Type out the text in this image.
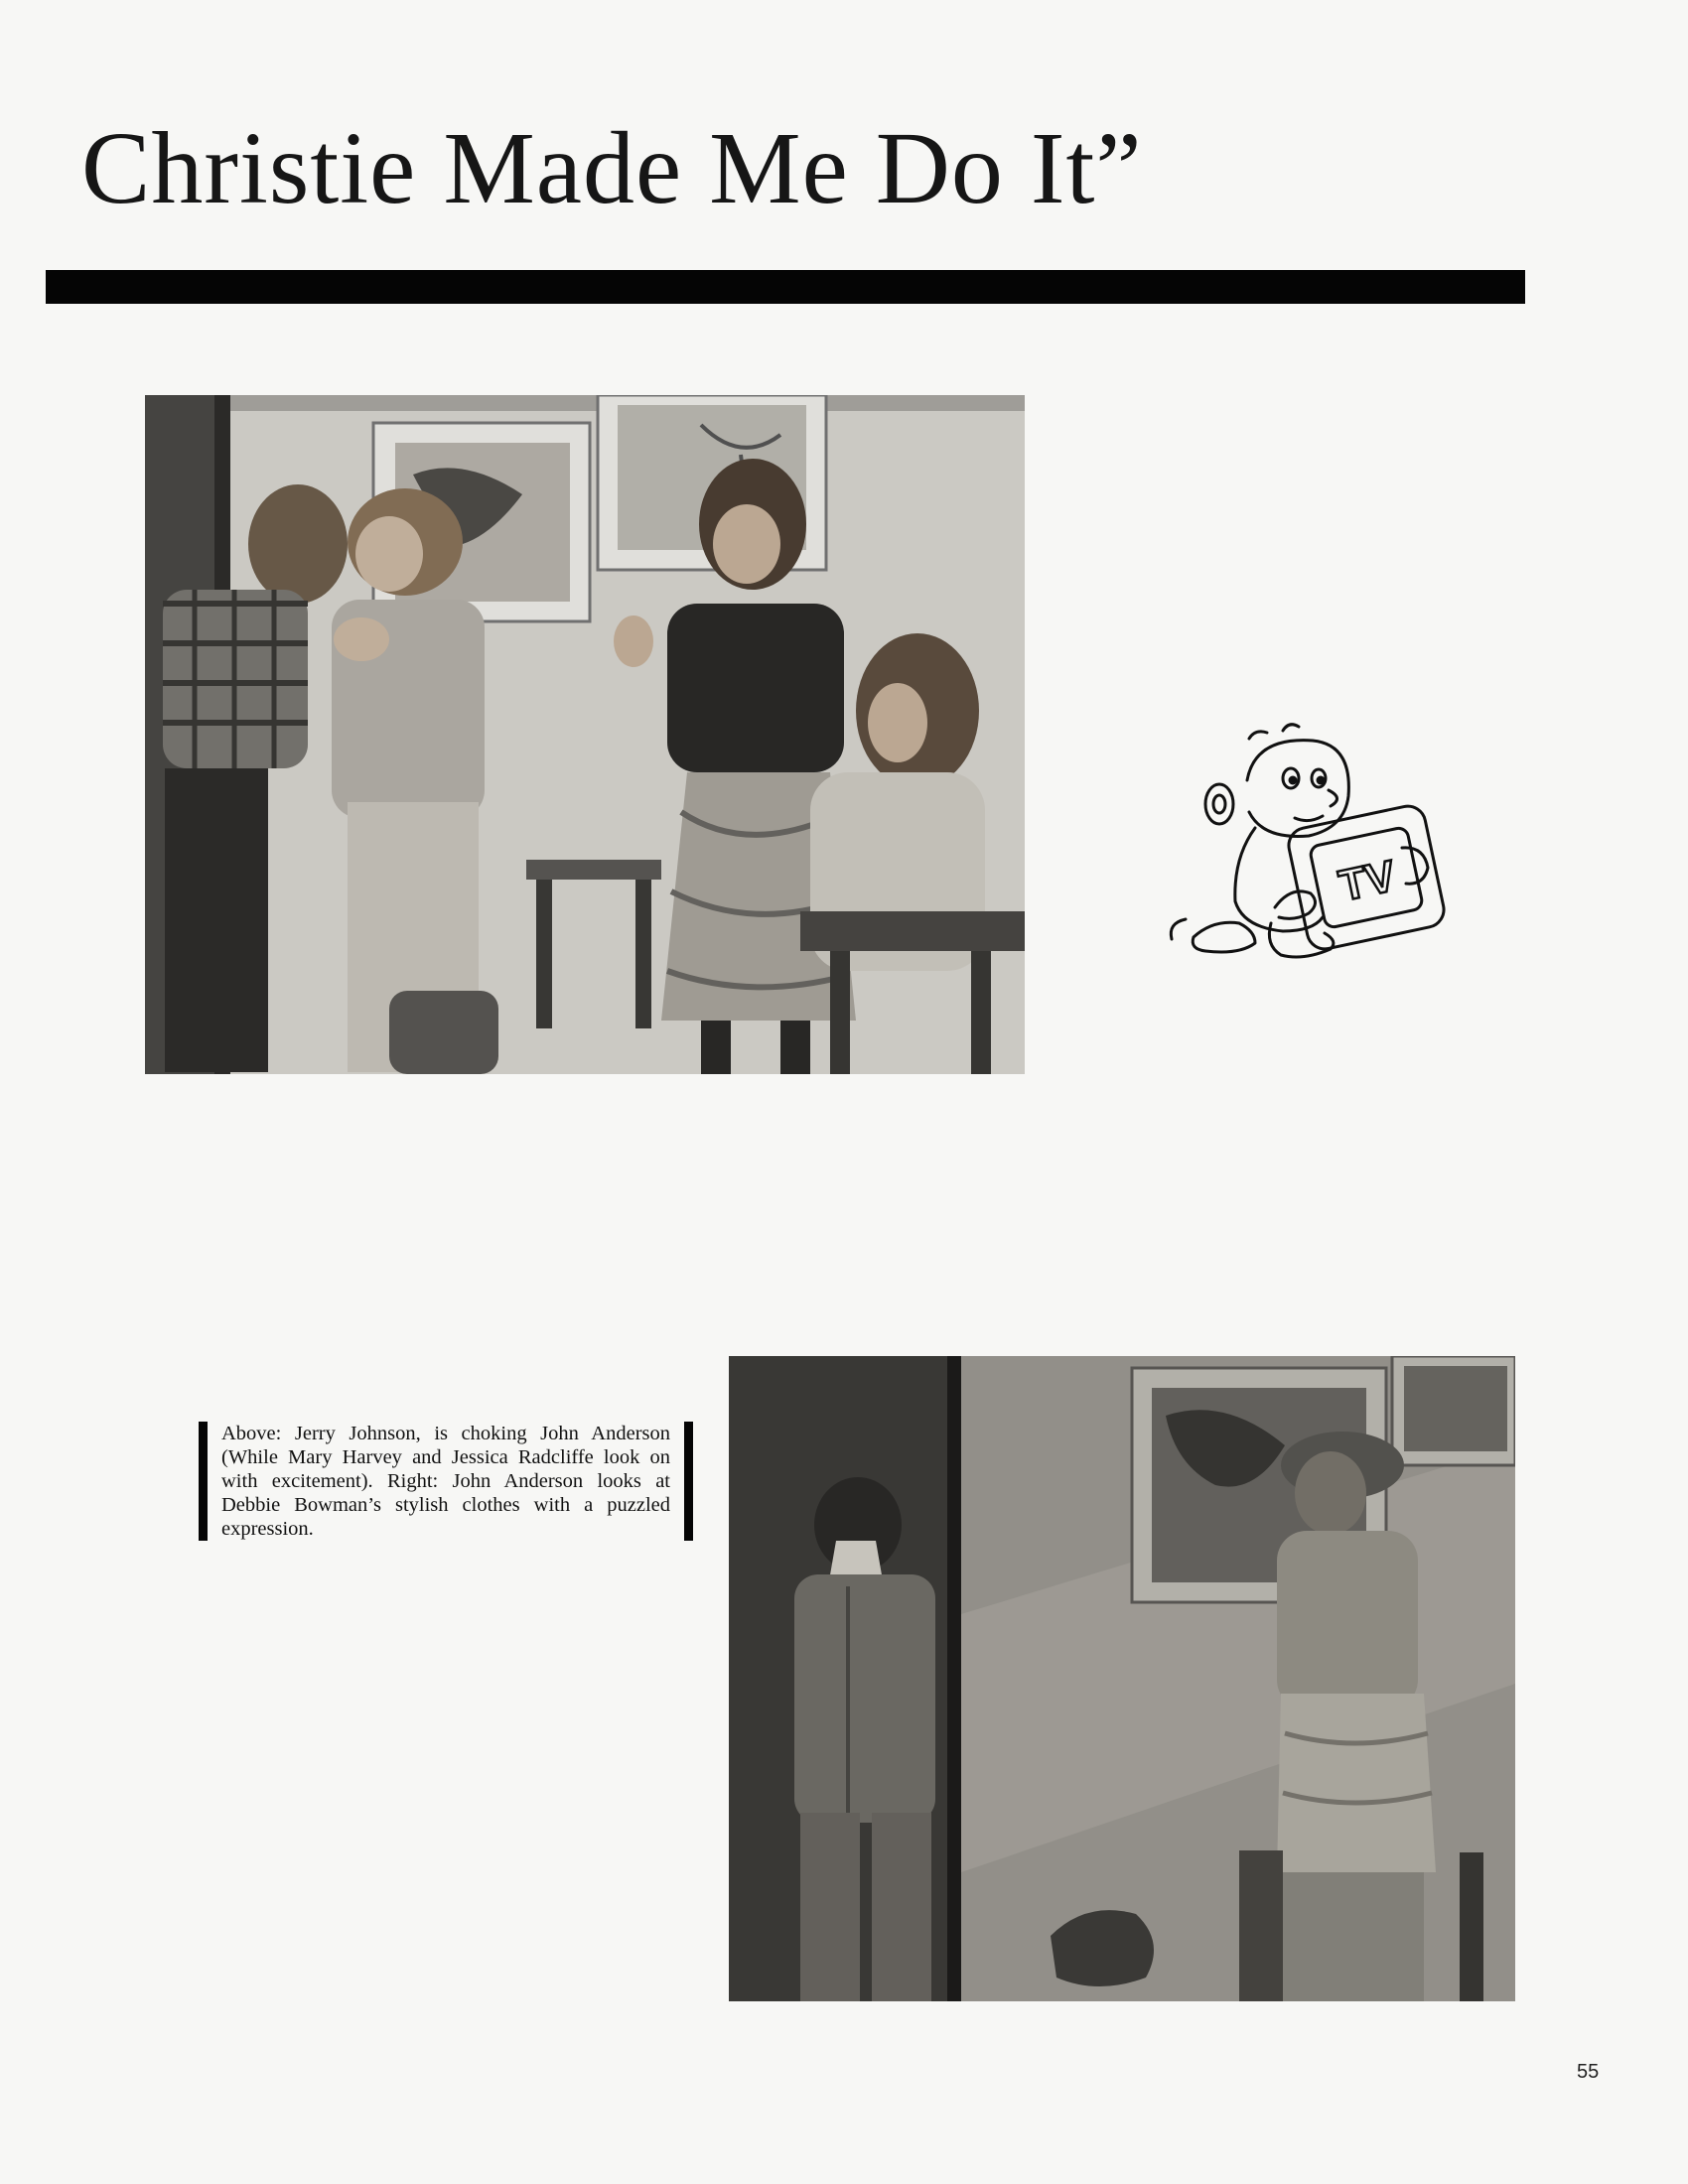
Christie Made Me Do It”
TV

Above: Jerry Johnson, is choking John Anderson (While Mary Harvey and Jessica Radcliffe look on with excitement). Right: John Anderson looks at Debbie Bowman’s stylish clothes with a puzzled expression.

55
